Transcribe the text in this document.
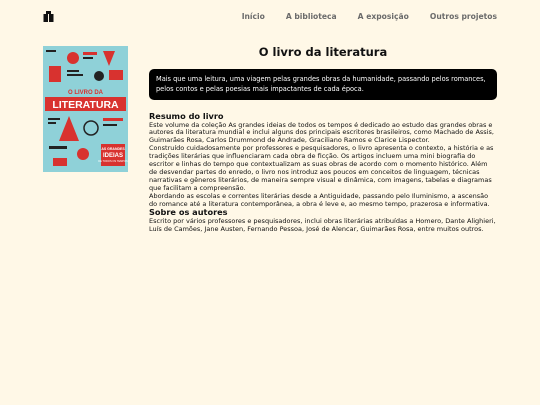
Início	A biblioteca	A exposição	Outros projetos
O LIVRO DA
LITERATURA
AS GRANDES
IDEIAS
DE TODOS OS TEMPOS
O livro da literatura
Mais que uma leitura, uma viagem pelas grandes obras da humanidade, passando pelos romances, pelos contos e pelas poesias mais impactantes de cada época.
Resumo do livro

Este volume da coleção As grandes ideias de todos os tempos é dedicado ao estudo das grandes obras e autores da literatura mundial e inclui alguns dos principais escritores brasileiros, como Machado de Assis, Guimarães Rosa, Carlos Drummond de Andrade, Graciliano Ramos e Clarice Lispector.

Construído cuidadosamente por professores e pesquisadores, o livro apresenta o contexto, a história e as tradições literárias que influenciaram cada obra de ficção. Os artigos incluem uma mini biografia do escritor e linhas do tempo que contextualizam as suas obras de acordo com o momento histórico. Além de desvendar partes do enredo, o livro nos introduz aos poucos em conceitos de linguagem, técnicas narrativas e gêneros literários, de maneira sempre visual e dinâmica, com imagens, tabelas e diagramas que facilitam a compreensão.

Abordando as escolas e correntes literárias desde a Antiguidade, passando pelo Iluminismo, a ascensão do romance até a literatura contemporânea, a obra é leve e, ao mesmo tempo, prazerosa e informativa.

Sobre os autores

Escrito por vários professores e pesquisadores, inclui obras literárias atribuídas a Homero, Dante Alighieri, Luís de Camões, Jane Austen, Fernando Pessoa, José de Alencar, Guimarães Rosa, entre muitos outros.
